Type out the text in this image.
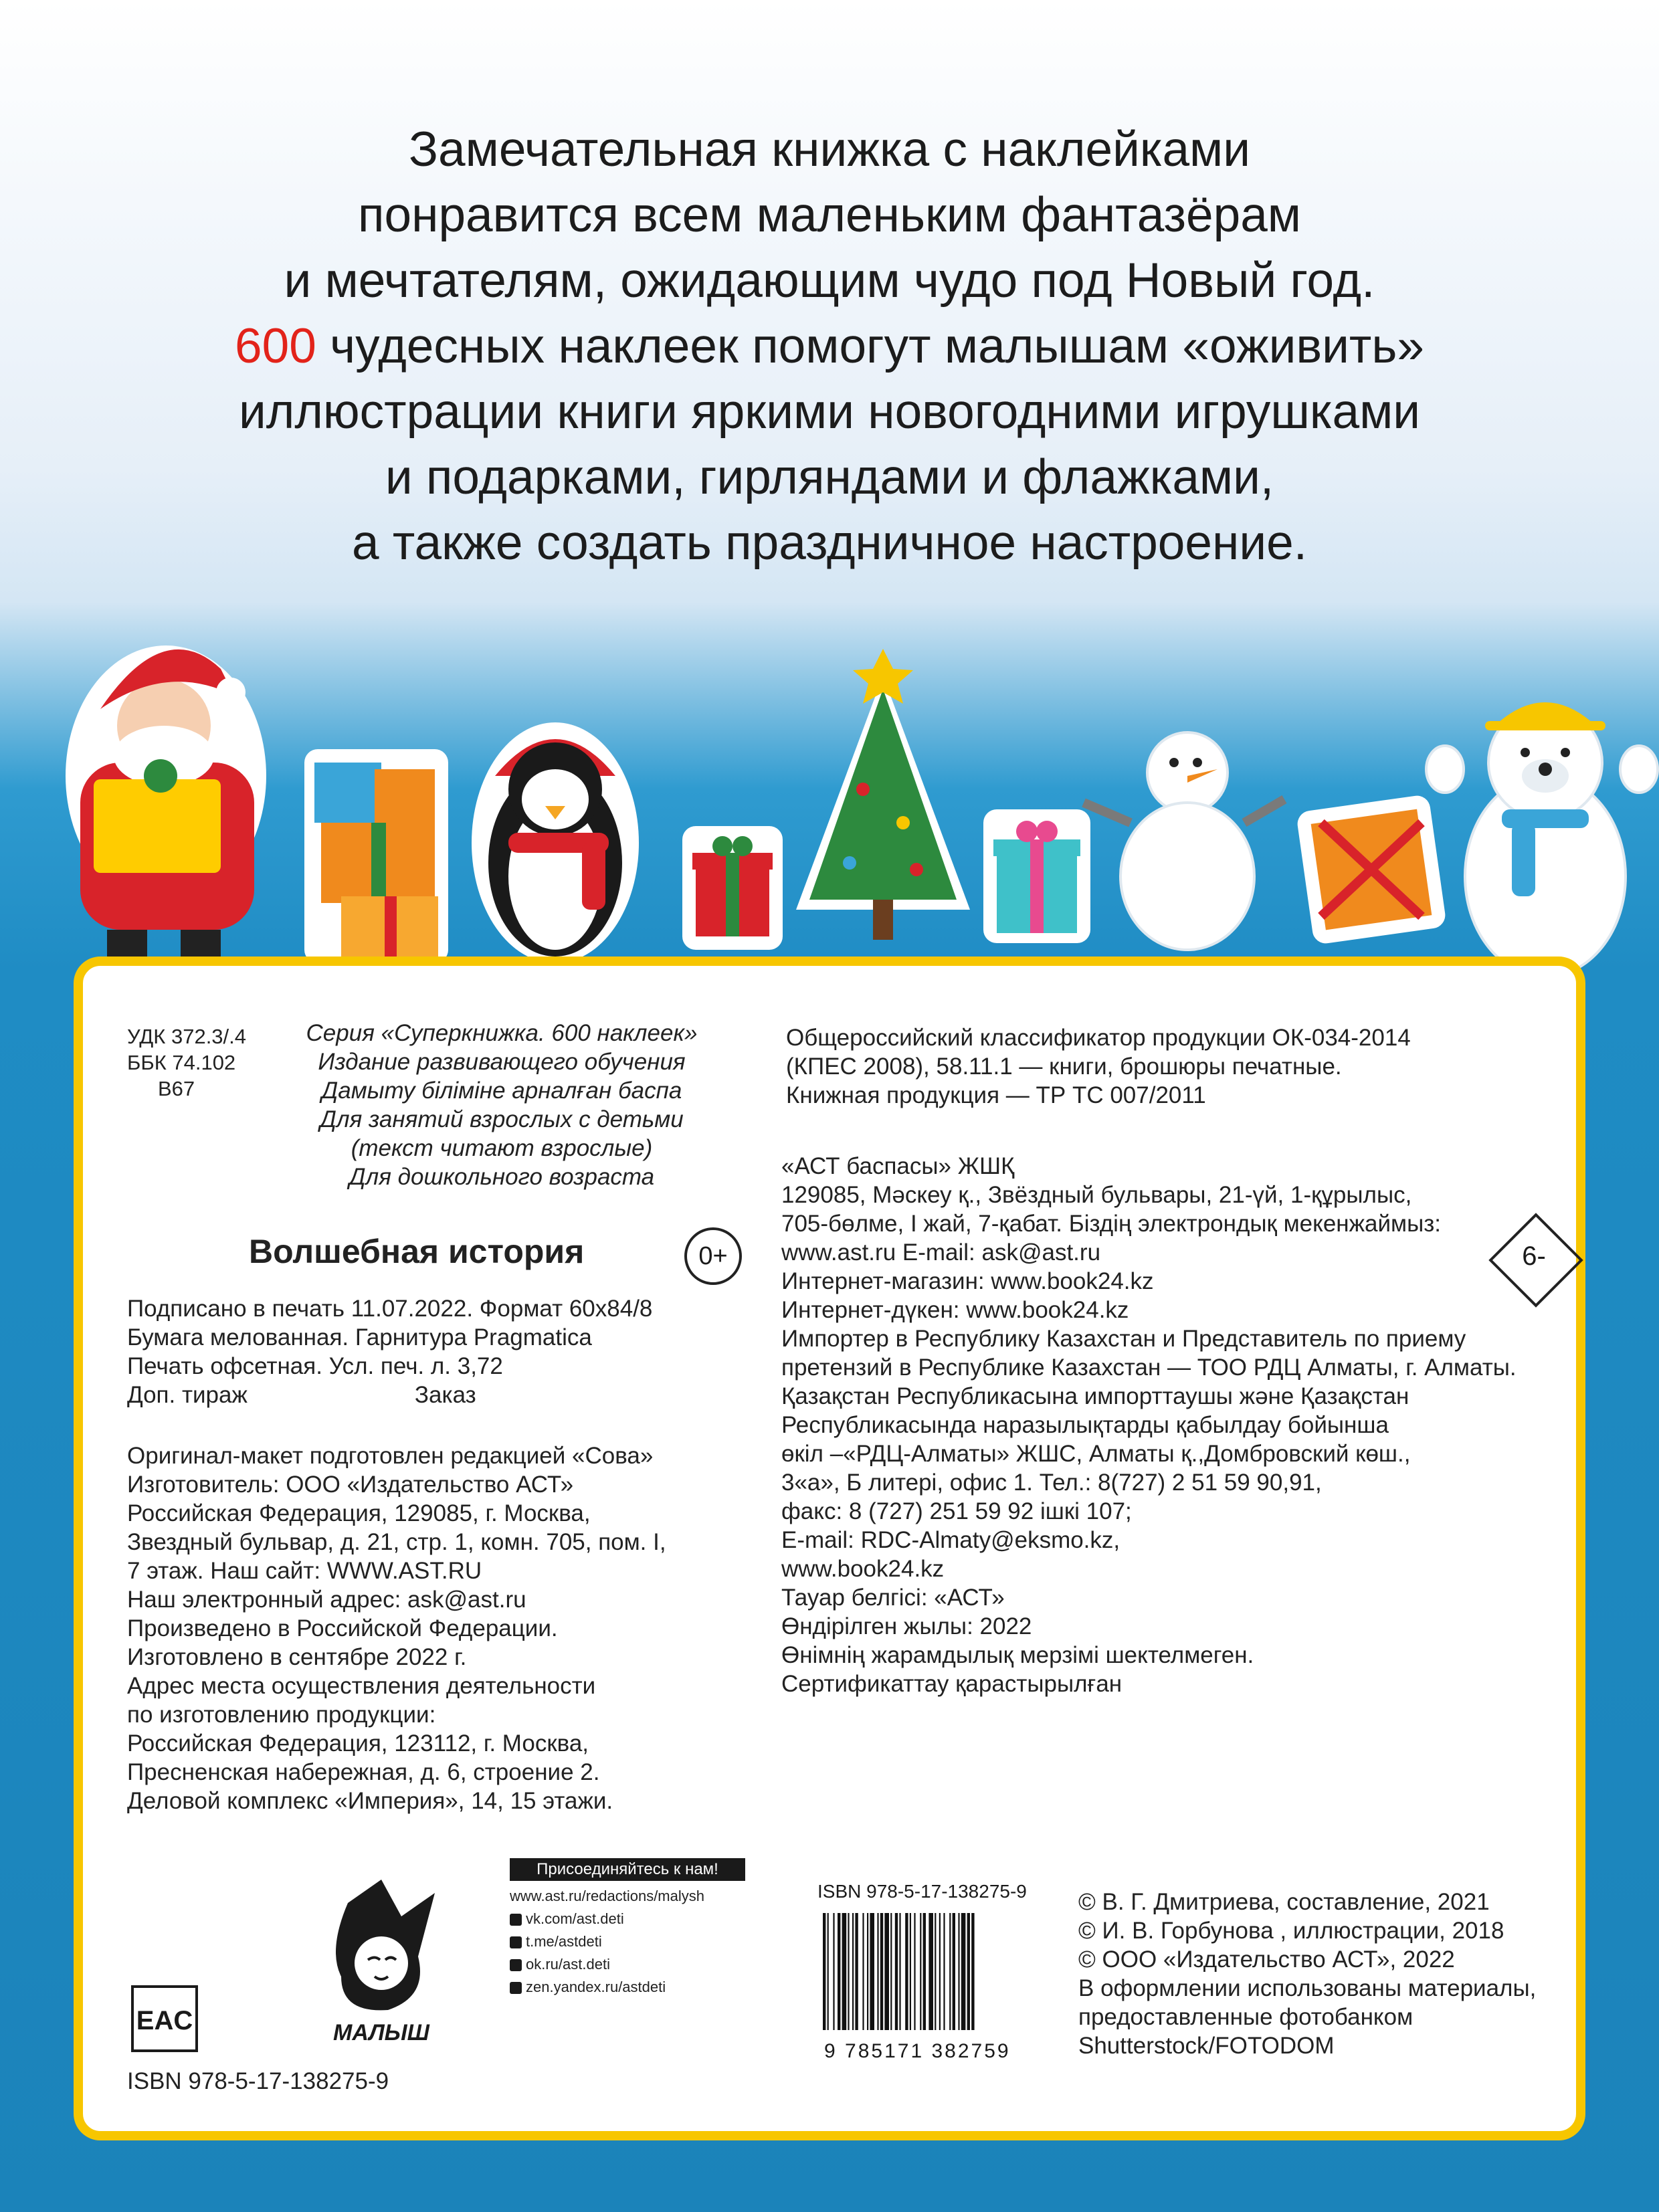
Замечательная книжка с наклейками
понравится всем маленьким фантазёрам
и мечтателям, ожидающим чудо под Новый год.
600 чудесных наклеек помогут малышам «оживить»
иллюстрации книги яркими новогодними игрушками
и подарками, гирляндами и флажками,
а также создать праздничное настроение.
УДК 372.3/.4
ББК 74.102
В67
Серия «Суперкнижка. 600 наклеек»
Издание развивающего обучения
Дамыту біліміне арналған баспа
Для занятий взрослых с детьми
(текст читают взрослые)
Для дошкольного возраста
Волшебная история	0+
Подписано в печать 11.07.2022. Формат 60x84/8
Бумага мелованная. Гарнитура Pragmatica
Печать офсетная. Усл. печ. л. 3,72
Доп. тираж	Заказ
Оригинал-макет подготовлен редакцией «Сова»
Изготовитель: ООО «Издательство АСТ»
Российская Федерация, 129085, г. Москва,
Звездный бульвар, д. 21, стр. 1, комн. 705, пом. I,
7 этаж. Наш сайт: WWW.AST.RU
Наш электронный адрес: ask@ast.ru
Произведено в Российской Федерации.
Изготовлено в сентябре 2022 г.
Адрес места осуществления деятельности
по изготовлению продукции:
Российская Федерация, 123112, г. Москва,
Пресненская набережная, д. 6, строение 2.
Деловой комплекс «Империя», 14, 15 этажи.
Общероссийский классификатор продукции ОК-034-2014
(КПЕС 2008), 58.11.1 — книги, брошюры печатные.
Книжная продукция — ТР ТС 007/2011
«АСТ баспасы» ЖШҚ
129085, Мәскеу қ., Звёздный бульвары, 21-үй, 1-құрылыс,
705-бөлме, I жай, 7-қабат. Біздің электрондық мекенжаймыз:
www.ast.ru E-mail: ask@ast.ru
Интернет-магазин: www.book24.kz
Интернет-дүкен: www.book24.kz
Импортер в Республику Казахстан и Представитель по приему
претензий в Республике Казахстан — ТОО РДЦ Алматы, г. Алматы.
Қазақстан Республикасына импорттаушы және Қазақстан
Республикасында наразылықтарды қабылдау бойынша
өкіл –«РДЦ-Алматы» ЖШС, Алматы қ.,Домбровский көш.,
3«а», Б литері, офис 1. Тел.: 8(727) 2 51 59 90,91,
факс: 8 (727) 251 59 92 ішкі 107;
E-mail: RDC-Almaty@eksmo.kz,
www.book24.kz
Тауар белгісі: «АСТ»
Өндірілген жылы: 2022
Өнімнің жарамдылық мерзімі шектелмеген.
Сертификаттау қарастырылған
6-
EAC	МАЛЫШ
Присоединяйтесь к нам!
www.ast.ru/redactions/malysh
vk.com/ast.deti
t.me/astdeti
ok.ru/ast.deti
zen.yandex.ru/astdeti
ISBN 978-5-17-138275-9
9 785171 382759
ISBN 978-5-17-138275-9
© В. Г. Дмитриева, составление, 2021
© И. В. Горбунова , иллюстрации, 2018
© ООО «Издательство АСТ», 2022
В оформлении использованы материалы,
предоставленные фотобанком
Shutterstock/FOTODOM
